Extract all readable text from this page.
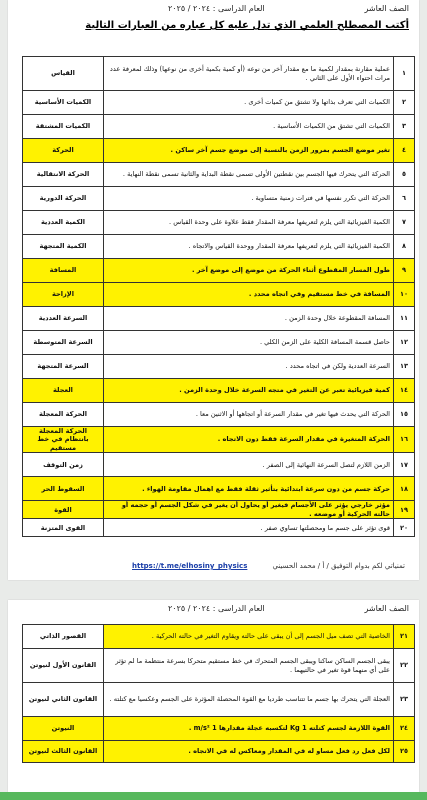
الصف العاشر
العام الدراسى : ٢٠٢٤ / ٢٠٢٥
أكتب المصطلح العلمي الذي تدل عليه كل عباره من العبارات التالية
١	عملية مقارنة بمقدار لكمية ما مع مقدار آخر من نوعه (أو كمية بكمية أخرى من نوعها) وذلك لمعرفة عدد مرات احتواء الأول على الثاني .	القياس
٢	الكميات التي تعرف بذاتها ولا تشتق من كميات أخرى .	الكميات الأساسية
٣	الكميات التي تشتق من الكميات الأساسية .	الكميات المشتقة
٤	تغير موضع الجسم بمرور الزمن بالنسبة إلى موضع جسم آخر ساكن .	الحركة
٥	الحركة التي يتحرك فيها الجسم بين نقطتين الأولى تسمى نقطة البداية والثانية تسمى نقطة النهاية .	الحركة الانتقالية
٦	الحركة التي تكرر نفسها في فترات زمنية متساوية .	الحركة الدورية
٧	الكمية الفيزيائية التي يلزم لتعريفها معرفة المقدار فقط علاوة على وحدة القياس .	الكمية العددية
٨	الكمية الفيزيائية التي يلزم لتعريفها معرفة المقدار ووحدة القياس والاتجاه .	الكمية المتجهة
٩	طول المسار المقطوع أثناء الحركة من موضع إلى موضع آخر .	المسافة
١٠	المسافة في خط مستقيم وفي اتجاه محدد .	الإزاحة
١١	المسافة المقطوعة خلال وحدة الزمن .	السرعة العددية
١٢	حاصل قسمة المسافة الكلية على الزمن الكلي .	السرعة المتوسطة
١٣	السرعة العددية ولكن في اتجاه محدد .	السرعة المتجهة
١٤	كمية فيزيائية تعبر عن التغير في متجه السرعة خلال وحدة الزمن .	العجلة
١٥	الحركة التي يحدث فيها تغير في مقدار السرعة أو اتجاهها أو الاثنين معا .	الحركة المعجلة
١٦	الحركة المتغيرة في مقدار السرعة فقط دون الاتجاه .	الحركة المعجلة بانتظام في خط مستقيم
١٧	الزمن اللازم لتصل السرعة النهائية إلى الصفر .	زمن التوقف
١٨	حركة جسم من دون سرعة ابتدائية بتأثير ثقلة فقط مع اهمال مقاومة الهواء .	السقوط الحر
١٩	مؤثر خارجي يؤثر على الأجسام فيغير أو يحاول أن يغير في شكل الجسم أو حجمه أو حالته الحركية أو موضعه .	القوة
٢٠	قوى تؤثر على جسم ما ومحصلتها تساوي صفر .	القوى المتزنة
تمنياتي لكم بدوام التوفيق / أ / محمد الحسيني
https://t.me/elhosiny_physics
الصف العاشر
العام الدراسى : ٢٠٢٤ / ٢٠٢٥
٢١	الخاصية التي تصف ميل الجسم إلى أن يبقى على حالته ويقاوم التغير في حالته الحركية .	القصور الذاتي
٢٢	يبقى الجسم الساكن ساكنا ويبقى الجسم المتحرك في خط مستقيم متحركا بسرعة منتظمة ما لم تؤثر على أي منهما قوة تغير في حالتيهما .	القانون الأول لنيوتن
٢٣	العجلة التي يتحرك بها جسم ما تتناسب طرديا مع القوة المحصلة المؤثرة على الجسم وعكسيا مع كتلته .	القانون الثاني لنيوتن
٢٤	القوة اللازمة لجسم كتلته 1 Kg لتكسبه عجلة مقدارها 1 m/s² .	النيوتن
٢٥	لكل فعل رد فعل مساو له في المقدار ومعاكس له في الاتجاه .	القانون الثالث لنيوتن
